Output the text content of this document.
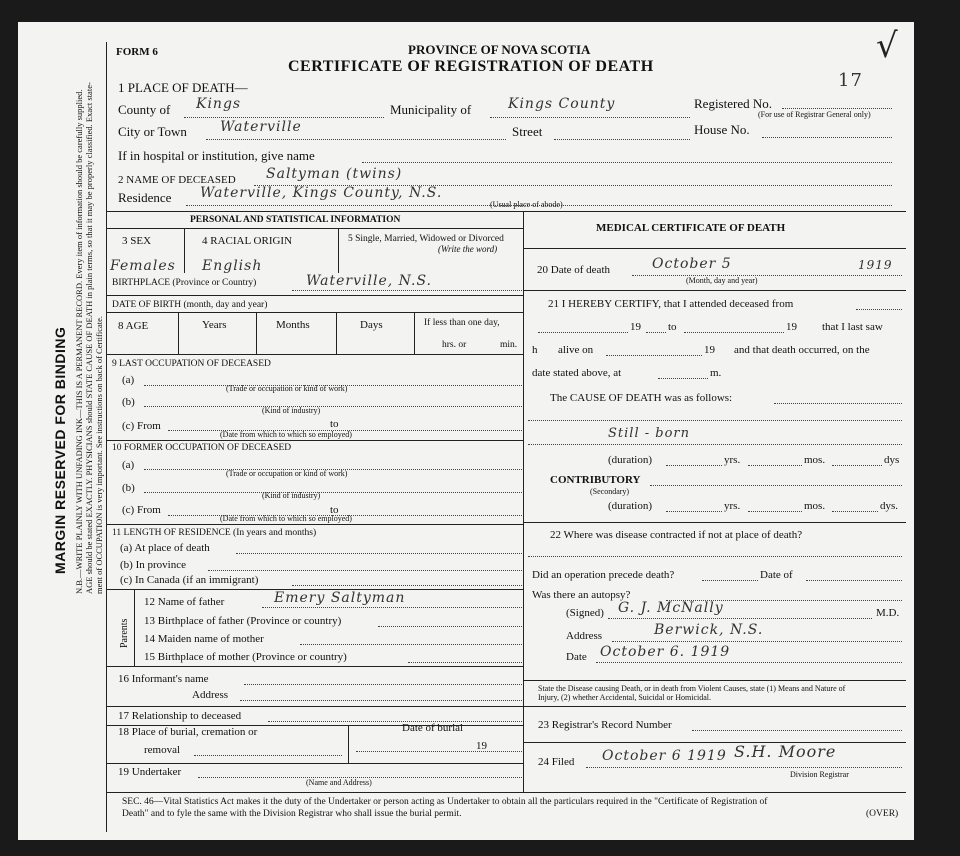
MARGIN RESERVED FOR BINDING N.B.—WRITE PLAINLY WITH UNFADING INK—THIS IS A PERMANENT RECORD. Every item of information should be carefully supplied. AGE should be stated EXACTLY. PHYSICIANS should STATE CAUSE OF DEATH in plain terms, so that it may be properly classified. Exact state- ment of OCCUPATION is very important. See instructions on back of Certificate.
FORM 6	PROVINCE OF NOVA SCOTIA
CERTIFICATE OF REGISTRATION OF DEATH
17
√
1 PLACE OF DEATH—
County of Kings	Municipality of	Kings County	Registered No.
(For use of Registrar General only)
City or Town Waterville	Street	House No.
If in hospital or institution, give name
2 NAME OF DECEASED Saltyman (twins)
Residence Waterville, Kings County, N.S.
(Usual place of abode)
PERSONAL AND STATISTICAL INFORMATION
3 SEX	4 RACIAL ORIGIN	5 Single, Married, Widowed or Divorced
(Write the word)
Females English
BIRTHPLACE (Province or Country)	Waterville, N.S.
DATE OF BIRTH (month, day and year)
8 AGE	Years	Months	Days	If less than one day,
hrs. or	min.
9 LAST OCCUPATION OF DECEASED
(a)
(Trade or occupation or kind of work)
(b)
(Kind of industry)
(c) From	to
(Date from which to which so employed)
10 FORMER OCCUPATION OF DECEASED
(a)
(Trade or occupation or kind of work)
(b)
(Kind of industry)
(c) From	to
(Date from which to which so employed)
11 LENGTH OF RESIDENCE (In years and months)
(a) At place of death
(b) In province
(c) In Canada (if an immigrant)
Parents
12 Name of father	Emery Saltyman
13 Birthplace of father (Province or country)
14 Maiden name of mother
15 Birthplace of mother (Province or country)
16 Informant's name
Address
17 Relationship to deceased
18 Place of burial, cremation or
removal
Date of burial
19
19 Undertaker
(Name and Address)
MEDICAL CERTIFICATE OF DEATH
20 Date of death	October 5	1919
(Month, day and year)
21 I HEREBY CERTIFY, that I attended deceased from
19 to	19 that I last saw
h alive on	19 and that death occurred, on the
date stated above, at	m.
The CAUSE OF DEATH was as follows:
Still - born
(duration)	yrs.	mos.	dys
CONTRIBUTORY
(Secondary)
(duration)	yrs.	mos.	dys.
22 Where was disease contracted if not at place of death?
Did an operation precede death?	Date of
Was there an autopsy?
(Signed) G. J. McNally	M.D.
Address	Berwick, N.S.
Date October 6. 1919
State the Disease causing Death, or in death from Violent Causes, state (1) Means and Nature of
Injury, (2) whether Accidental, Suicidal or Homicidal.
23 Registrar's Record Number
24 Filed October 6 1919 S.H. Moore
Division Registrar
SEC. 46—Vital Statistics Act makes it the duty of the Undertaker or person acting as Undertaker to obtain all the particulars required in the "Certificate of Registration of
Death" and to fyle the same with the Division Registrar who shall issue the burial permit.	(OVER)
